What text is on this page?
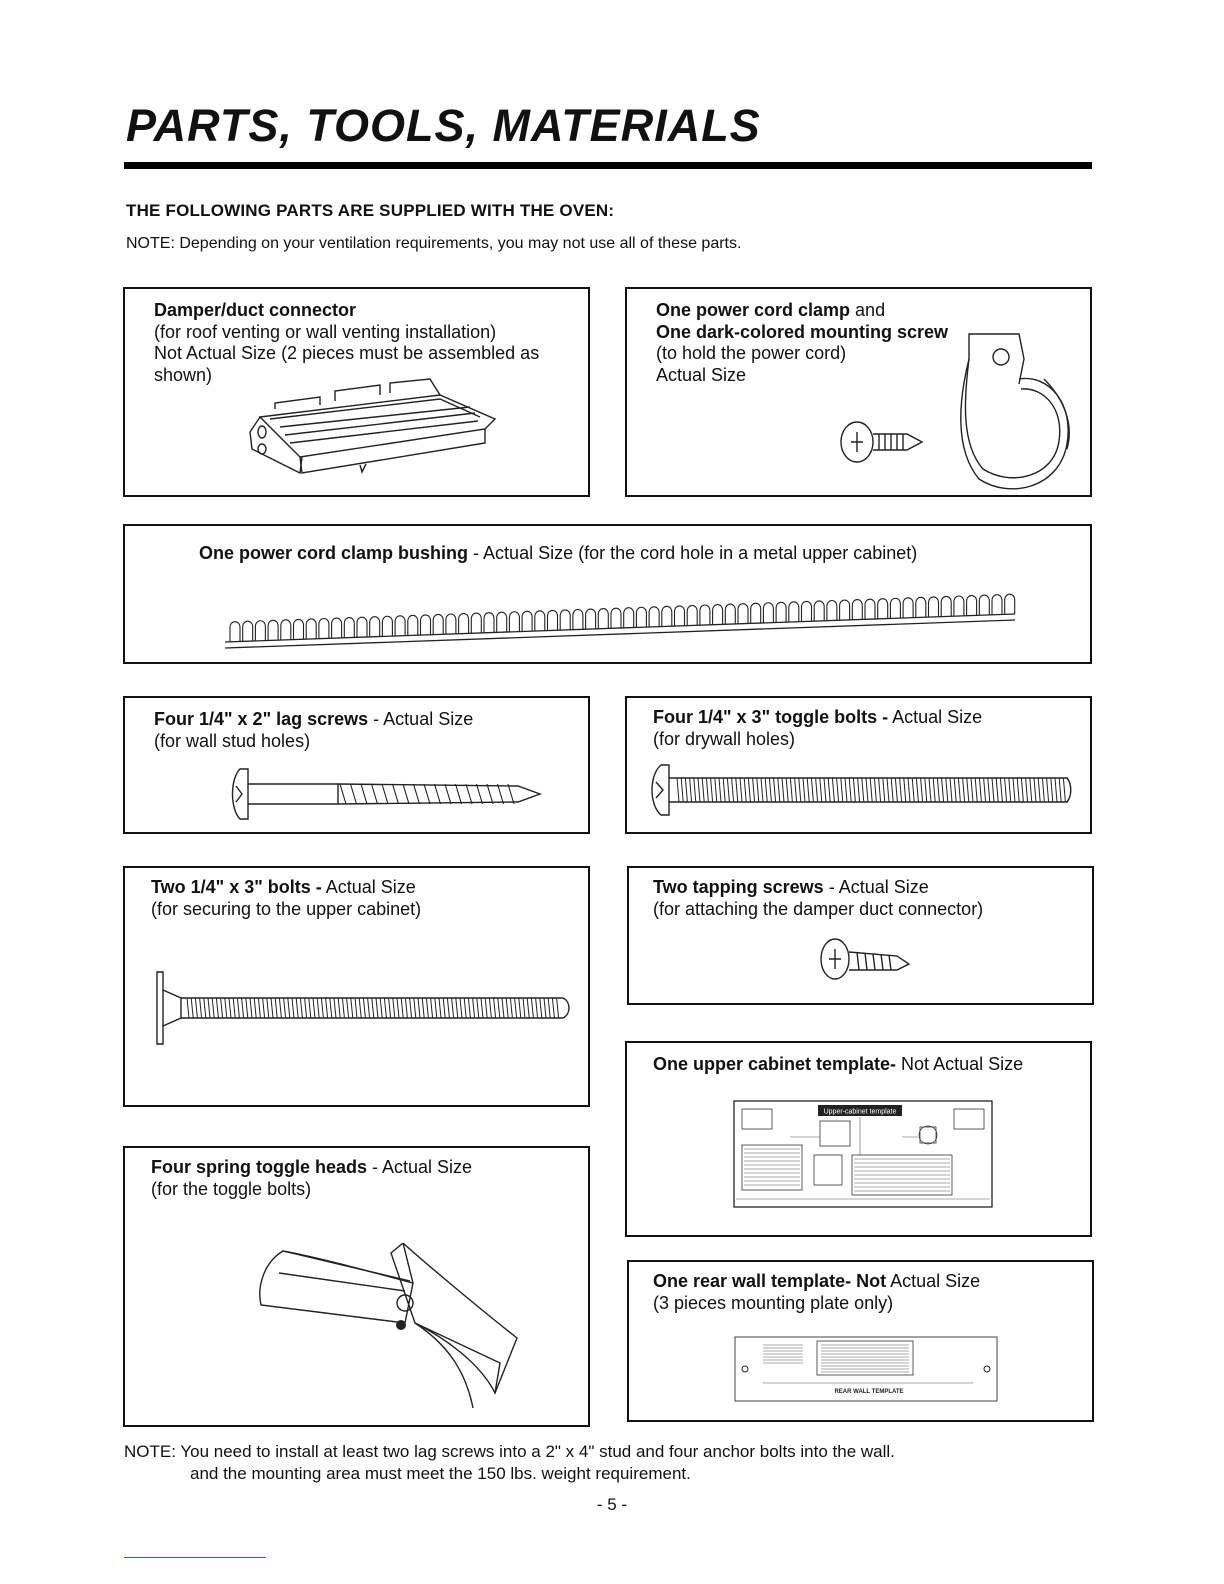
PARTS, TOOLS, MATERIALS
THE FOLLOWING PARTS ARE SUPPLIED WITH THE OVEN:
NOTE: Depending on your ventilation requirements, you may not use all of these parts.
Damper/duct connector
(for roof venting or wall venting installation)
Not Actual Size (2 pieces must be assembled as
shown)
One power cord clamp and
One dark-colored mounting screw
(to hold the power cord)
Actual Size
One power cord clamp bushing - Actual Size (for the cord hole in a metal upper cabinet)
Four 1/4" x 2" lag screws - Actual Size
(for wall stud holes)
Four 1/4" x 3" toggle bolts - Actual Size
(for drywall holes)
Two 1/4" x 3" bolts - Actual Size
(for securing to the upper cabinet)
Two tapping screws - Actual Size
(for attaching the damper duct connector)
One upper cabinet template- Not Actual Size
Upper-cabinet template
Four spring toggle heads - Actual Size
(for the toggle bolts)
One rear wall template- Not Actual Size
(3 pieces mounting plate only)
REAR WALL TEMPLATE
NOTE: You need to install at least two lag screws into a 2" x 4" stud and four anchor bolts into the wall.
and the mounting area must meet the 150 lbs. weight requirement.
- 5 -
